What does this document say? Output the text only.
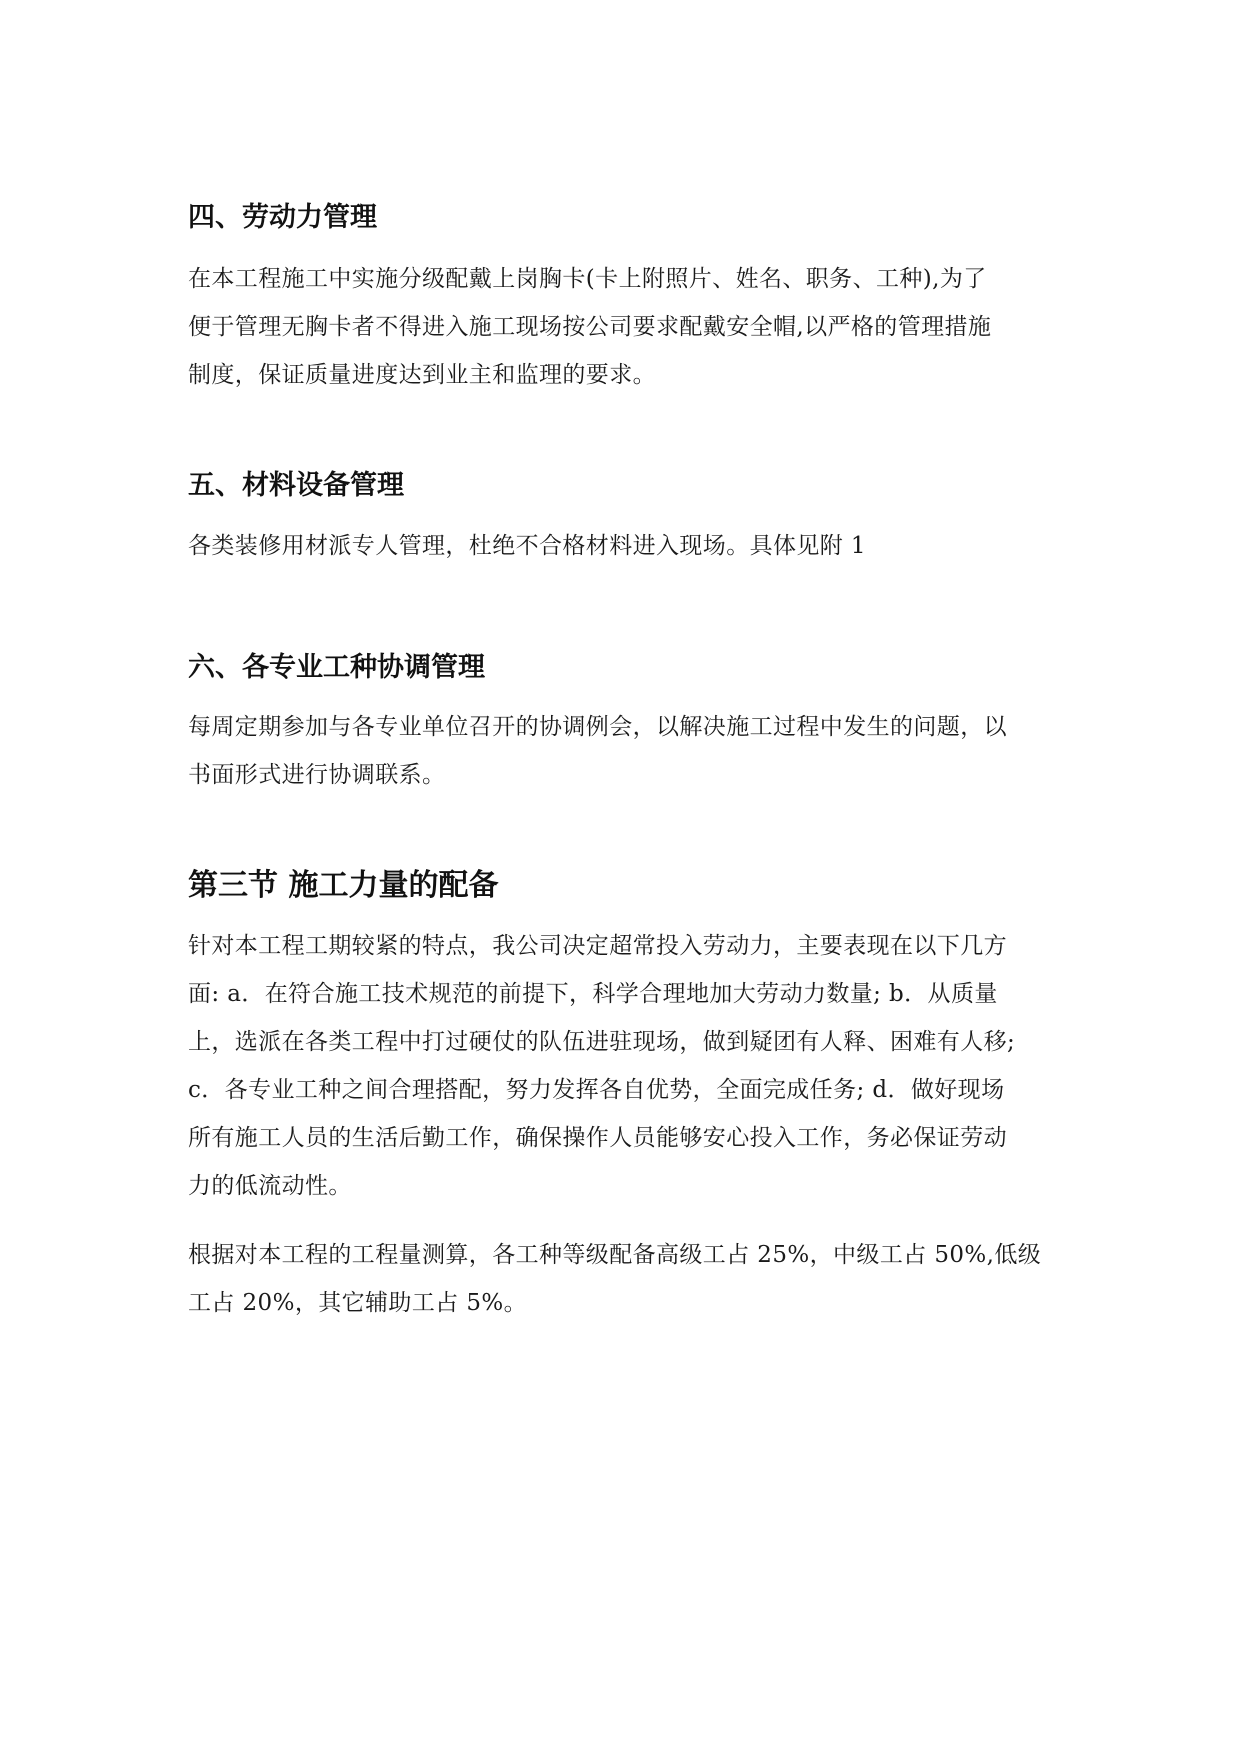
四、劳动力管理

在本工程施工中实施分级配戴上岗胸卡(卡上附照片、姓名、职务、工种),为了
便于管理无胸卡者不得进入施工现场按公司要求配戴安全帽,以严格的管理措施
制度，保证质量进度达到业主和监理的要求。

五、材料设备管理

各类装修用材派专人管理，杜绝不合格材料进入现场。具体见附 1

六、各专业工种协调管理

每周定期参加与各专业单位召开的协调例会，以解决施工过程中发生的问题，以
书面形式进行协调联系。

第三节 施工力量的配备

针对本工程工期较紧的特点，我公司决定超常投入劳动力，主要表现在以下几方
面: a．在符合施工技术规范的前提下，科学合理地加大劳动力数量; b．从质量
上，选派在各类工程中打过硬仗的队伍进驻现场，做到疑团有人释、困难有人移;
c．各专业工种之间合理搭配，努力发挥各自优势，全面完成任务; d．做好现场
所有施工人员的生活后勤工作，确保操作人员能够安心投入工作，务必保证劳动
力的低流动性。

根据对本工程的工程量测算，各工种等级配备高级工占 25%，中级工占 50%,低级
工占 20%，其它辅助工占 5%。
